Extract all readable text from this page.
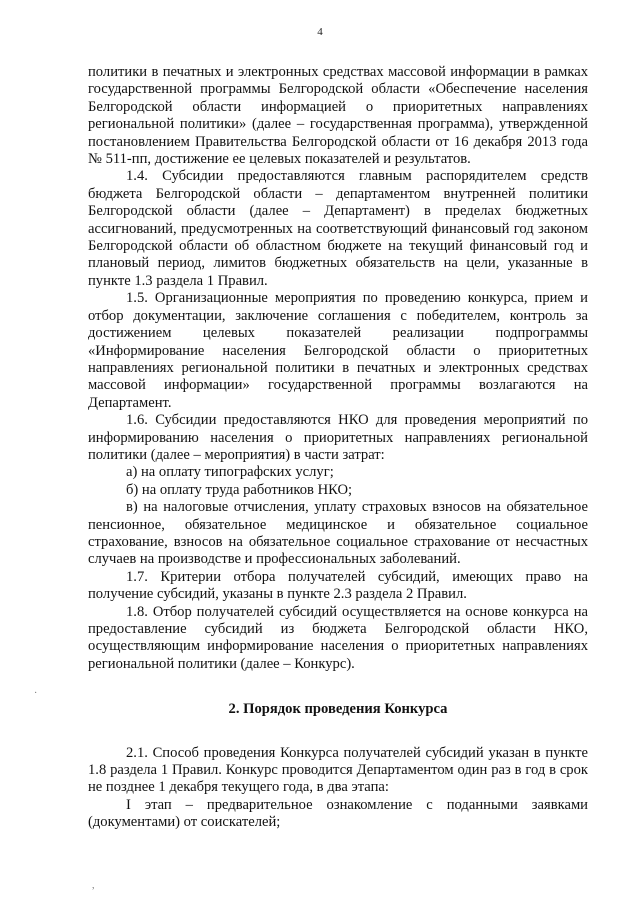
4

политики в печатных и электронных средствах массовой информации в рамках государственной программы Белгородской области «Обеспечение населения Белгородской области информацией о приоритетных направлениях региональной политики» (далее – государственная программа), утвержденной постановлением Правительства Белгородской области от 16 декабря 2013 года № 511-пп, достижение ее целевых показателей и результатов.

1.4. Субсидии предоставляются главным распорядителем средств бюджета Белгородской области – департаментом внутренней политики Белгородской области (далее – Департамент) в пределах бюджетных ассигнований, предусмотренных на соответствующий финансовый год законом Белгородской области об областном бюджете на текущий финансовый год и плановый период, лимитов бюджетных обязательств на цели, указанные в пункте 1.3 раздела 1 Правил.

1.5. Организационные мероприятия по проведению конкурса, прием и отбор документации, заключение соглашения с победителем, контроль за достижением целевых показателей реализации подпрограммы «Информирование населения Белгородской области о приоритетных направлениях региональной политики в печатных и электронных средствах массовой информации» государственной программы возлагаются на Департамент.

1.6. Субсидии предоставляются НКО для проведения мероприятий по информированию населения о приоритетных направлениях региональной политики (далее – мероприятия) в части затрат:

а) на оплату типографских услуг;

б) на оплату труда работников НКО;

в) на налоговые отчисления, уплату страховых взносов на обязательное пенсионное, обязательное медицинское и обязательное социальное страхование, взносов на обязательное социальное страхование от несчастных случаев на производстве и профессиональных заболеваний.

1.7. Критерии отбора получателей субсидий, имеющих право на получение субсидий, указаны в пункте 2.3 раздела 2 Правил.

1.8. Отбор получателей субсидий осуществляется на основе конкурса на предоставление субсидий из бюджета Белгородской области НКО, осуществляющим информирование населения о приоритетных направлениях региональной политики (далее – Конкурс).

2. Порядок проведения Конкурса

2.1. Способ проведения Конкурса получателей субсидий указан в пункте 1.8 раздела 1 Правил. Конкурс проводится Департаментом один раз в год в срок не позднее 1 декабря текущего года, в два этапа:

I этап – предварительное ознакомление с поданными заявками (документами) от соискателей;

·
,
